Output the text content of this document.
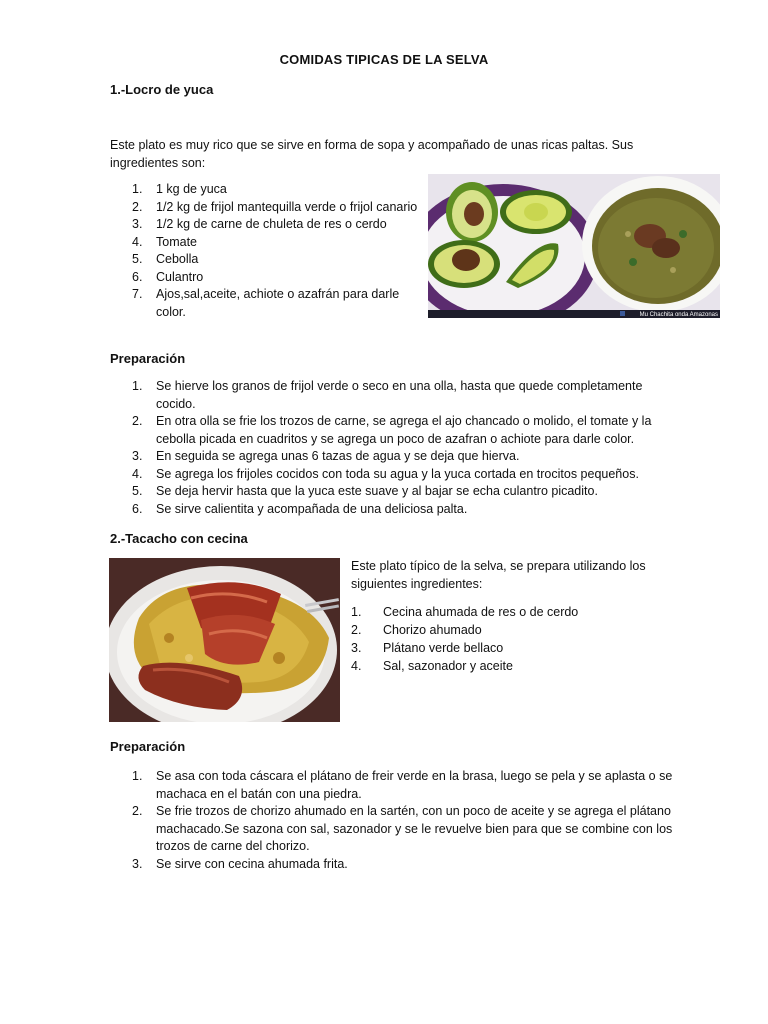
COMIDAS TIPICAS DE LA SELVA
1.-Locro de yuca
Este plato es muy rico que se sirve en forma de sopa y acompañado de unas ricas paltas. Sus ingredientes son:
1. 1 kg de yuca
2. 1/2 kg de frijol mantequilla verde o frijol canario
3. 1/2 kg de carne de chuleta de res o cerdo
4. Tomate
5. Cebolla
6. Culantro
7. Ajos,sal,aceite, achiote o azafrán para darle color.	Mu Chachita onda Amazonas
Preparación
1. Se hierve los granos de frijol verde o seco en una olla, hasta que quede completamente cocido.
2. En otra olla se frie los trozos de carne, se agrega el ajo chancado o molido, el tomate y la cebolla picada en cuadritos y se agrega un poco de azafran o achiote para darle color.
3. En seguida se agrega unas 6 tazas de agua y se deja que hierva.
4. Se agrega los frijoles cocidos con toda su agua y la yuca cortada en trocitos pequeños.
5. Se deja hervir hasta que la yuca este suave y al bajar se echa culantro picadito.
6. Se sirve calientita y acompañada de una deliciosa palta.
2.-Tacacho con cecina
Este plato típico de la selva, se prepara utilizando los siguientes ingredientes:
1. Cecina ahumada de res o de cerdo
2. Chorizo ahumado
3. Plátano verde bellaco
4. Sal, sazonador y aceite
Preparación
1. Se asa con toda cáscara el plátano de freir verde en la brasa, luego se pela y se aplasta o se machaca en el batán con una piedra.
2. Se frie trozos de chorizo ahumado en la sartén, con un poco de aceite y se agrega el plátano machacado.Se sazona con sal, sazonador y se le revuelve bien para que se combine con los trozos de carne del chorizo.
3. Se sirve con cecina ahumada frita.
